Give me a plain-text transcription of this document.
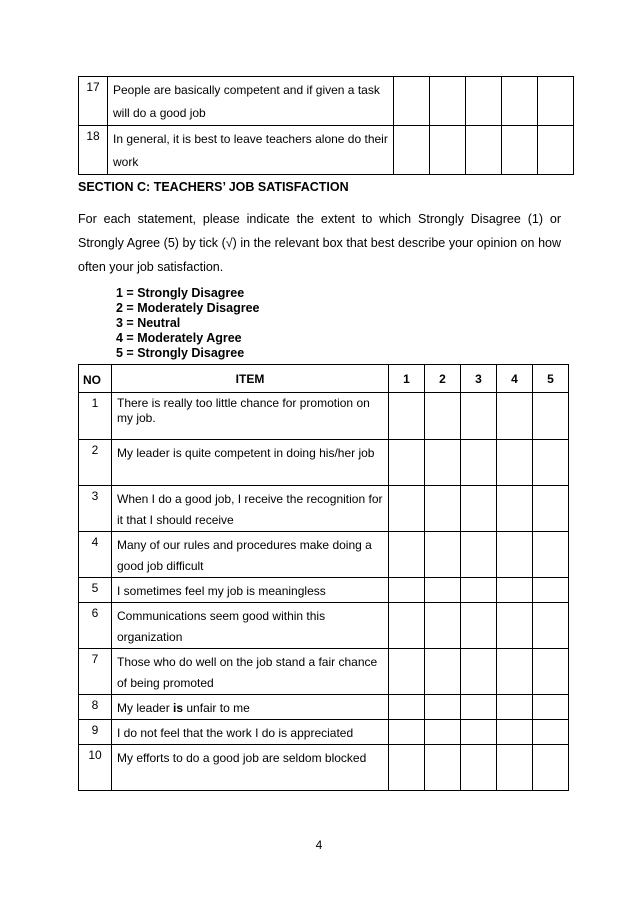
17	People are basically competent and if given a task will do a good job					
18	In general, it is best to leave teachers alone do their work					
SECTION C: TEACHERS’ JOB SATISFACTION
For each statement, please indicate the extent to which Strongly Disagree (1) or Strongly Agree (5) by tick (√) in the relevant box that best describe your opinion on how often your job satisfaction.
1 = Strongly Disagree
2 = Moderately Disagree
3 = Neutral
4 = Moderately Agree
5 = Strongly Disagree
NO	ITEM	1	2	3	4	5
1	There is really too little chance for promotion on my job.					
2	My leader is quite competent in doing his/her job					
3	When I do a good job, I receive the recognition for it that I should receive					
4	Many of our rules and procedures make doing a good job difficult					
5	I sometimes feel my job is meaningless					
6	Communications seem good within this organization					
7	Those who do well on the job stand a fair chance of being promoted					
8	My leader is unfair to me					
9	I do not feel that the work I do is appreciated					
10	My efforts to do a good job are seldom blocked					
4
